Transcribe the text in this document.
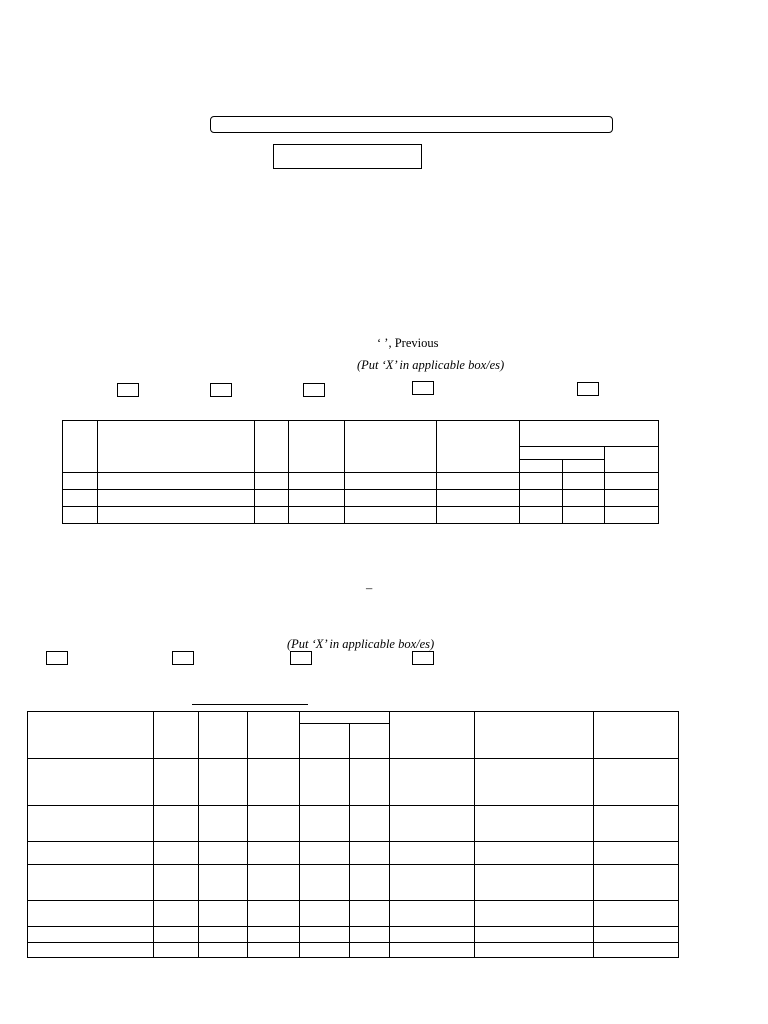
‘ ’, Previous
(Put ‘X’ in applicable box/es)

–
(Put ‘X’ in applicable box/es)
